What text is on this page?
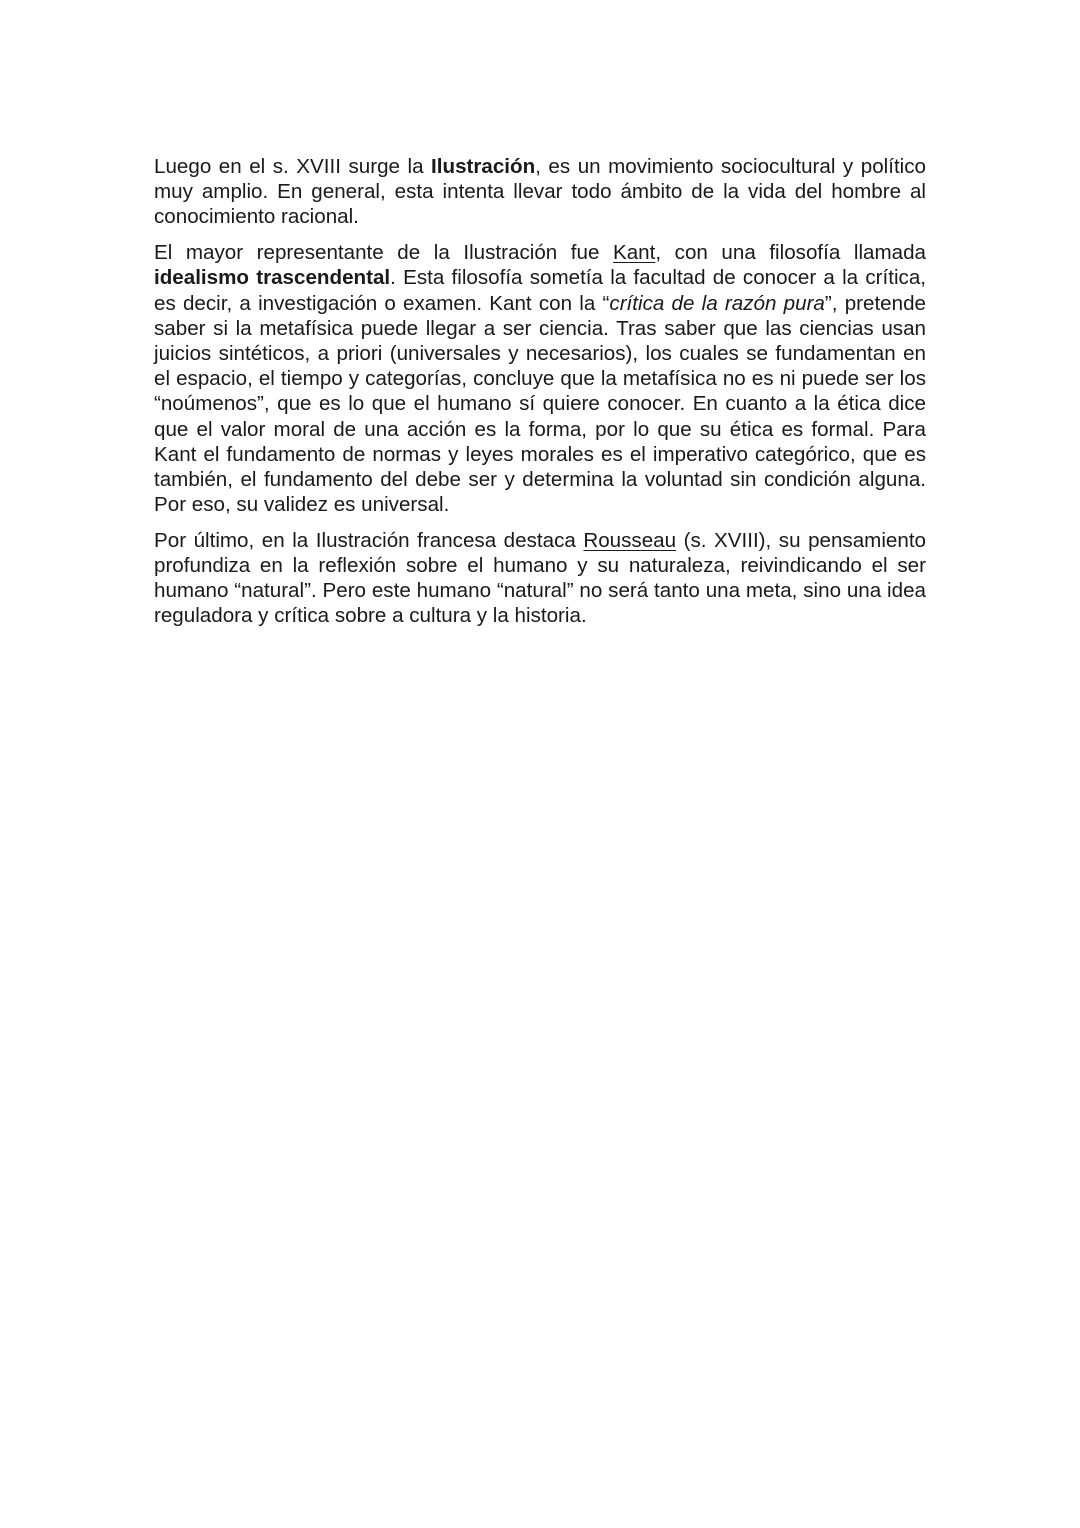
Luego en el s. XVIII surge la Ilustración, es un movimiento sociocultural y político muy amplio. En general, esta intenta llevar todo ámbito de la vida del hombre al conocimiento racional.

El mayor representante de la Ilustración fue Kant, con una filosofía llamada idealismo trascendental. Esta filosofía sometía la facultad de conocer a la crítica, es decir, a investigación o examen. Kant con la “crítica de la razón pura”, pretende saber si la metafísica puede llegar a ser ciencia. Tras saber que las ciencias usan juicios sintéticos, a priori (universales y necesarios), los cuales se fundamentan en el espacio, el tiempo y categorías, concluye que la metafísica no es ni puede ser los “noúmenos”, que es lo que el humano sí quiere conocer. En cuanto a la ética dice que el valor moral de una acción es la forma, por lo que su ética es formal. Para Kant el fundamento de normas y leyes morales es el imperativo categórico, que es también, el fundamento del debe ser y determina la voluntad sin condición alguna. Por eso, su validez es universal.

Por último, en la Ilustración francesa destaca Rousseau (s. XVIII), su pensamiento profundiza en la reflexión sobre el humano y su naturaleza, reivindicando el ser humano “natural”. Pero este humano “natural” no será tanto una meta, sino una idea reguladora y crítica sobre a cultura y la historia.
